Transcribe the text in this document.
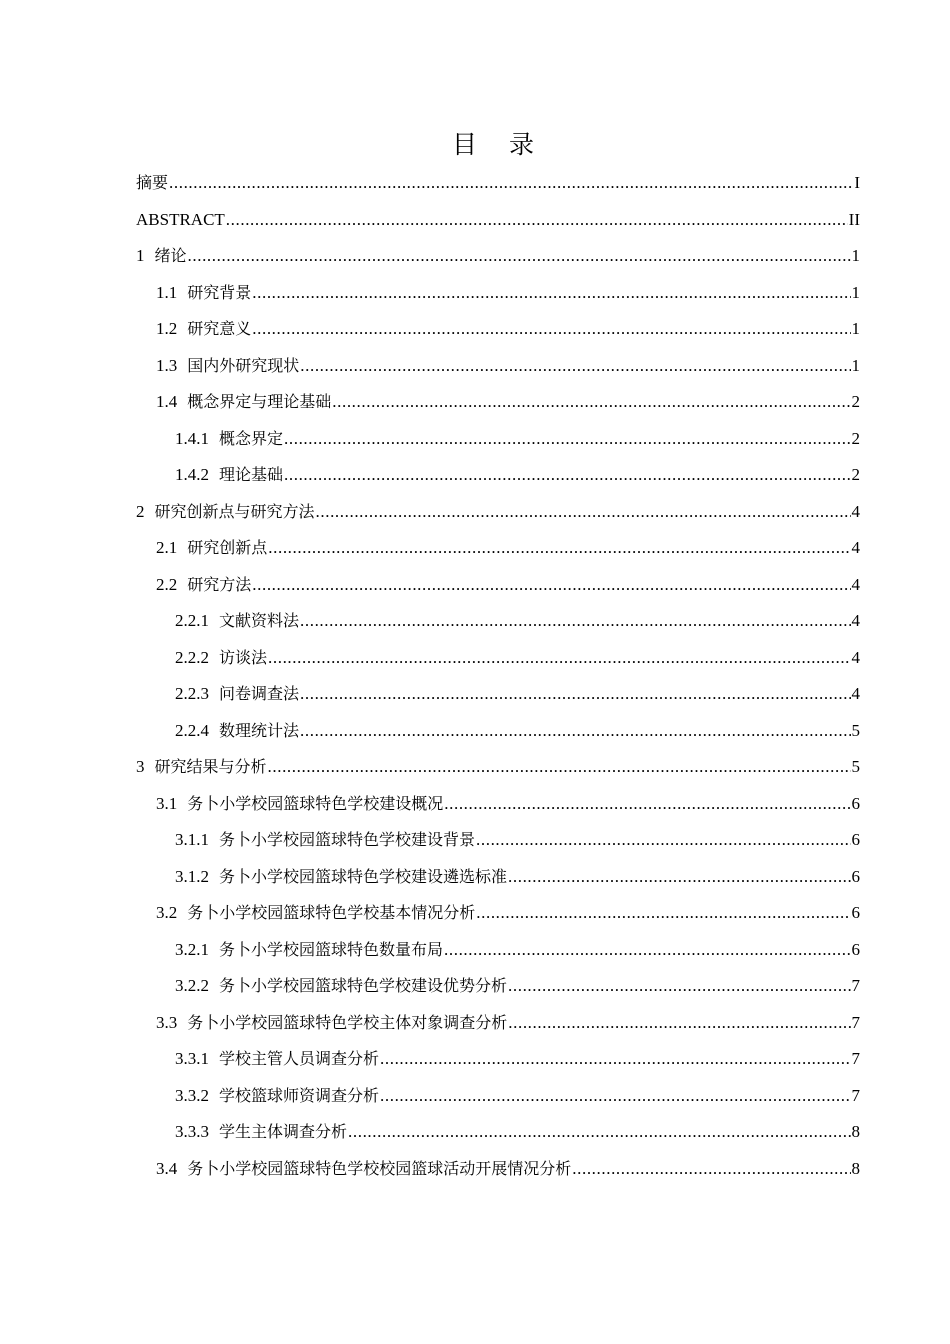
目 录
摘要 .....	I
ABSTRACT .....	II
1 绪论 .....	1
1.1 研究背景 .....	1
1.2 研究意义 .....	1
1.3 国内外研究现状 .....	1
1.4 概念界定与理论基础 .....	2
1.4.1 概念界定 .....	2
1.4.2 理论基础 .....	2
2 研究创新点与研究方法 .....	4
2.1 研究创新点 .....	4
2.2 研究方法 .....	4
2.2.1 文献资料法 .....	4
2.2.2 访谈法 .....	4
2.2.3 问卷调查法 .....	4
2.2.4 数理统计法 .....	5
3 研究结果与分析 .....	5
3.1 务卜小学校园篮球特色学校建设概况 .....	6
3.1.1 务卜小学校园篮球特色学校建设背景 .....	6
3.1.2 务卜小学校园篮球特色学校建设遴选标准 .....	6
3.2 务卜小学校园篮球特色学校基本情况分析 .....	6
3.2.1 务卜小学校园篮球特色数量布局 .....	6
3.2.2 务卜小学校园篮球特色学校建设优势分析 .....	7
3.3 务卜小学校园篮球特色学校主体对象调查分析 .....	7
3.3.1 学校主管人员调查分析 .....	7
3.3.2 学校篮球师资调查分析 .....	7
3.3.3 学生主体调查分析 .....	8
3.4 务卜小学校园篮球特色学校校园篮球活动开展情况分析 .....	8
